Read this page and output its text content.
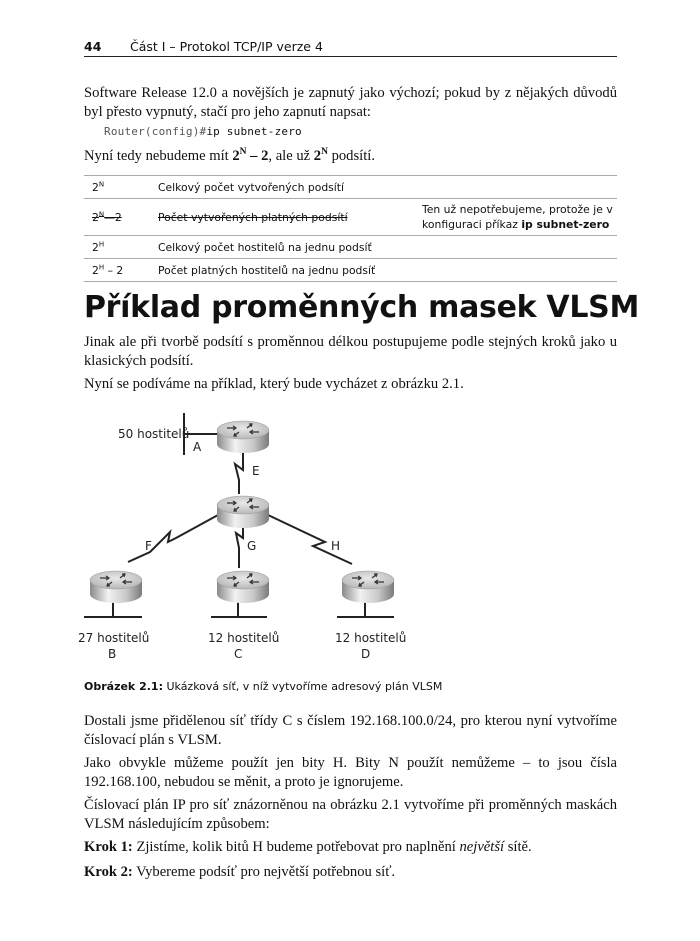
44 Část I – Protokol TCP/IP verze 4
Software Release 12.0 a novějších je zapnutý jako výchozí; pokud by z nějakých důvodů byl přesto vypnutý, stačí pro jeho zapnutí napsat:
Router(config)#ip subnet-zero
Nyní tedy nebudeme mít $2^N - 2$, ale už $2^N$ podsítí.
$2^N$	Celkový počet vytvořených podsítí	
$2^N—2$	Počet vytvořených platných podsítí	Ten už nepotřebujeme, protože je v konfiguraci příkaz ip subnet-zero
$2^H$	Celkový počet hostitelů na jednu podsíť	
$2^H - 2$	Počet platných hostitelů na jednu podsíť	
Příklad proměnných masek VLSM
Jinak ale při tvorbě podsítí s proměnnou délkou postupujeme podle stejných kroků jako u klasických podsítí.
Nyní se podíváme na příklad, který bude vycházet z obrázku 2.1.
50 hostitelů
A
E
F	G	H
27 hostitelů
B
12 hostitelů
C
12 hostitelů
D
Obrázek 2.1: Ukázková síť, v níž vytvoříme adresový plán VLSM
Dostali jsme přidělenou síť třídy C s číslem 192.168.100.0/24, pro kterou nyní vytvoříme číslovací plán s VLSM.
Jako obvykle můžeme použít jen bity H. Bity N použít nemůžeme – to jsou čísla 192.168.100, nebudou se měnit, a proto je ignorujeme.
Číslovací plán IP pro síť znázorněnou na obrázku 2.1 vytvoříme při proměnných maskách VLSM následujícím způsobem:
Krok 1: Zjistíme, kolik bitů H budeme potřebovat pro naplnění největší sítě.
Krok 2: Vybereme podsíť pro největší potřebnou síť.
